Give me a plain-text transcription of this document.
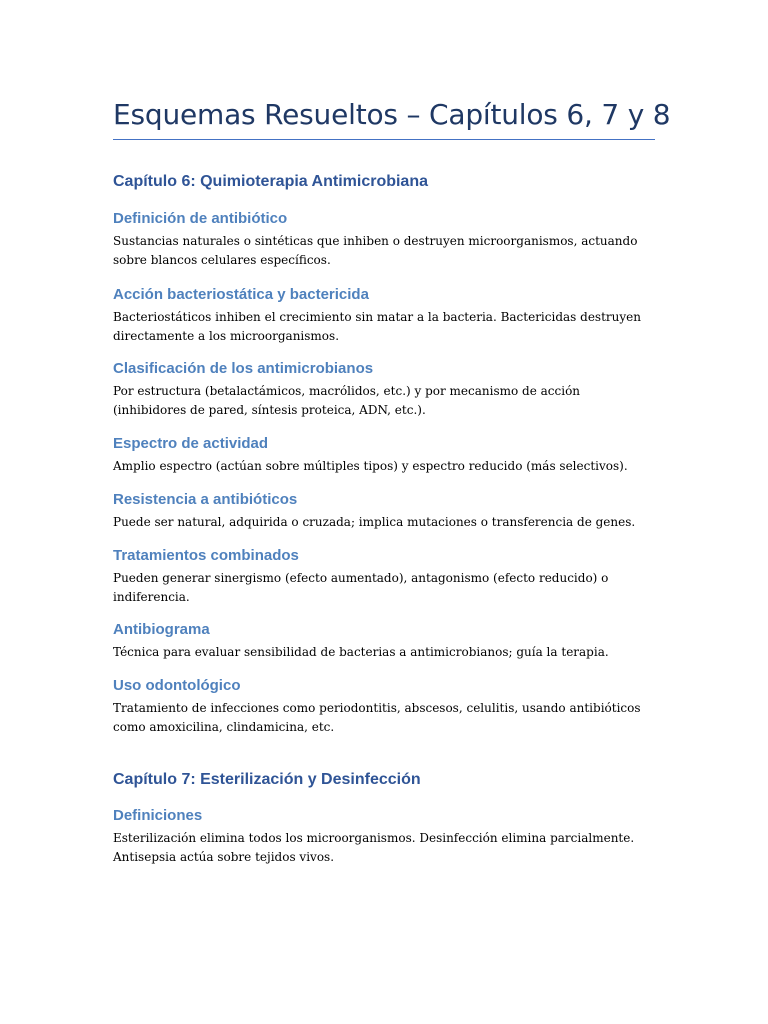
Esquemas Resueltos – Capítulos 6, 7 y 8
Capítulo 6: Quimioterapia Antimicrobiana
Definición de antibiótico

Sustancias naturales o sintéticas que inhiben o destruyen microorganismos, actuando sobre blancos celulares específicos.

Acción bacteriostática y bactericida

Bacteriostáticos inhiben el crecimiento sin matar a la bacteria. Bactericidas destruyen directamente a los microorganismos.

Clasificación de los antimicrobianos

Por estructura (betalactámicos, macrólidos, etc.) y por mecanismo de acción (inhibidores de pared, síntesis proteica, ADN, etc.).

Espectro de actividad

Amplio espectro (actúan sobre múltiples tipos) y espectro reducido (más selectivos).

Resistencia a antibióticos

Puede ser natural, adquirida o cruzada; implica mutaciones o transferencia de genes.

Tratamientos combinados

Pueden generar sinergismo (efecto aumentado), antagonismo (efecto reducido) o indiferencia.

Antibiograma

Técnica para evaluar sensibilidad de bacterias a antimicrobianos; guía la terapia.

Uso odontológico

Tratamiento de infecciones como periodontitis, abscesos, celulitis, usando antibióticos como amoxicilina, clindamicina, etc.

Capítulo 7: Esterilización y Desinfección
Definiciones

Esterilización elimina todos los microorganismos. Desinfección elimina parcialmente. Antisepsia actúa sobre tejidos vivos.
